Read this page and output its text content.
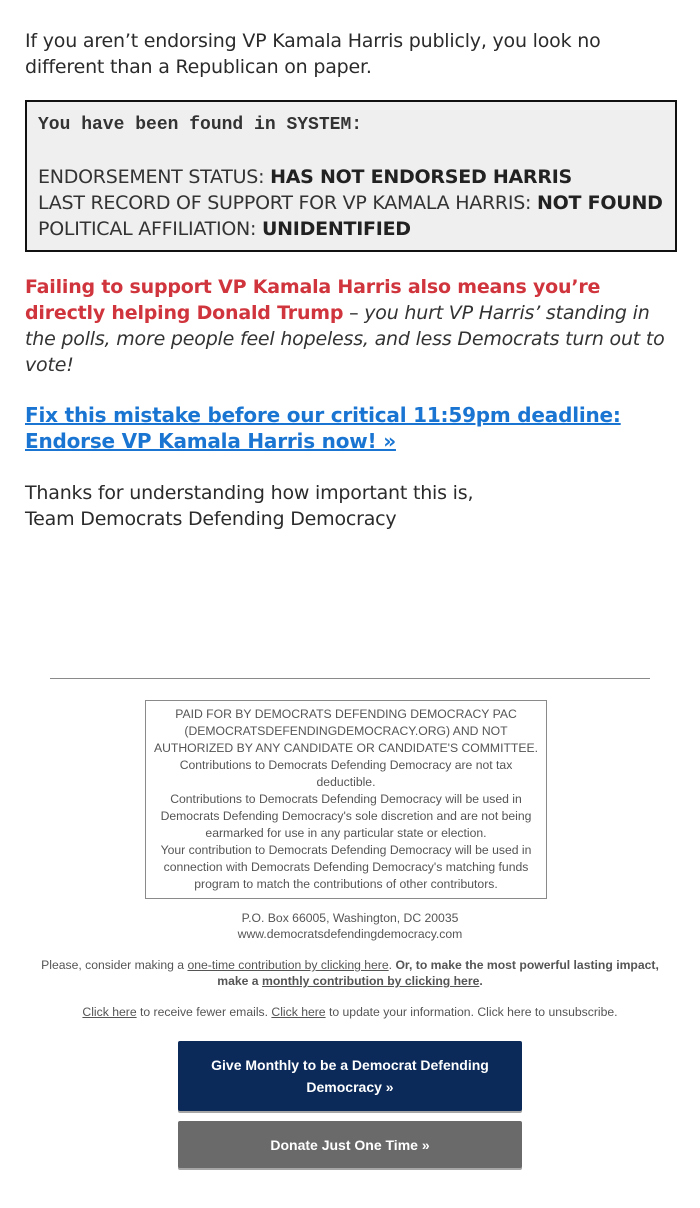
If you aren’t endorsing VP Kamala Harris publicly, you look no different than a Republican on paper.

You have been found in SYSTEM:
ENDORSEMENT STATUS: HAS NOT ENDORSED HARRIS
LAST RECORD OF SUPPORT FOR VP KAMALA HARRIS: NOT FOUND
POLITICAL AFFILIATION: UNIDENTIFIED

Failing to support VP Kamala Harris also means you’re directly helping Donald Trump – you hurt VP Harris’ standing in the polls, more people feel hopeless, and less Democrats turn out to vote!

Fix this mistake before our critical 11:59pm deadline: Endorse VP Kamala Harris now! »

Thanks for understanding how important this is,

Team Democrats Defending Democracy

PAID FOR BY DEMOCRATS DEFENDING DEMOCRACY PAC (DEMOCRATSDEFENDINGDEMOCRACY.ORG) AND NOT AUTHORIZED BY ANY CANDIDATE OR CANDIDATE'S COMMITTEE.
Contributions to Democrats Defending Democracy are not tax deductible.
Contributions to Democrats Defending Democracy will be used in Democrats Defending Democracy's sole discretion and are not being earmarked for use in any particular state or election.
Your contribution to Democrats Defending Democracy will be used in connection with Democrats Defending Democracy's matching funds program to match the contributions of other contributors.
P.O. Box 66005, Washington, DC 20035
www.democratsdefendingdemocracy.com
Please, consider making a one-time contribution by clicking here. Or, to make the most powerful lasting impact, make a monthly contribution by clicking here.
Click here to receive fewer emails. Click here to update your information. Click here to unsubscribe.
Give Monthly to be a Democrat Defending Democracy »
Donate Just One Time »
